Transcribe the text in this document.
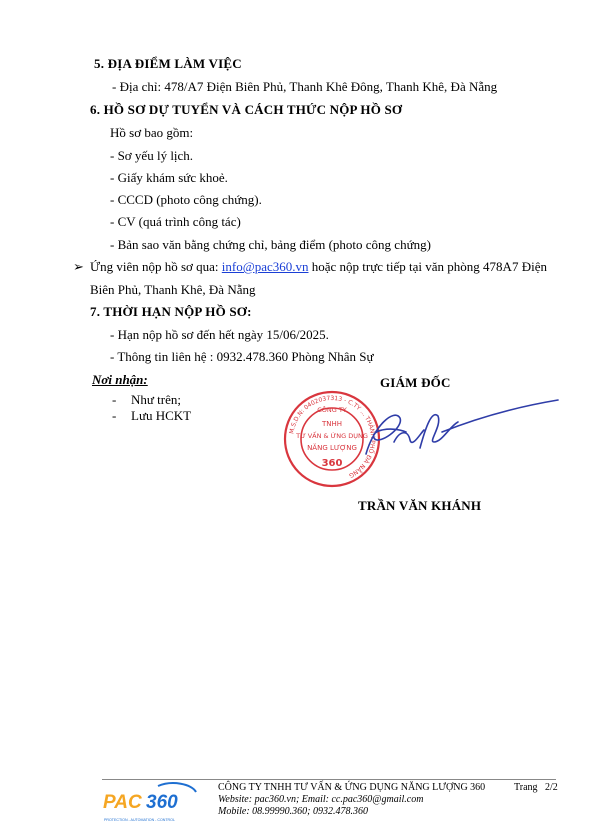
5. ĐỊA ĐIỂM LÀM VIỆC
- Địa chỉ: 478/A7 Điện Biên Phủ, Thanh Khê Đông, Thanh Khê, Đà Nẵng
6. HỒ SƠ DỰ TUYỂN VÀ CÁCH THỨC NỘP HỒ SƠ
Hồ sơ bao gồm:
- Sơ yếu lý lịch.
- Giấy khám sức khoẻ.
- CCCD (photo công chứng).
- CV (quá trình công tác)
- Bản sao văn bằng chứng chỉ, bảng điểm (photo công chứng)
➢ Ứng viên nộp hồ sơ qua: info@pac360.vn hoặc nộp trực tiếp tại văn phòng 478A7 Điện
Biên Phủ, Thanh Khê, Đà Nẵng
7. THỜI HẠN NỘP HỒ SƠ:
- Hạn nộp hồ sơ đến hết ngày 15/06/2025.
- Thông tin liên hệ : 0932.478.360 Phòng Nhân Sự
Nơi nhận:
- Như trên;
- Lưu HCKT
GIÁM ĐỐC
CÔNG TY
TNHH
TƯ VẤN & ỨNG DỤNG
NĂNG LƯỢNG
360
M.S.D.N: 0402037313 - C.TY ... THÀNH PHỐ ĐÀ NẴNG
TRẦN VĂN KHÁNH
PAC 360
PROTECTION - AUTOMATION - CONTROL
CÔNG TY TNHH TƯ VẤN & ỨNG DỤNG NĂNG LƯỢNG 360
Website: pac360.vn; Email: cc.pac360@gmail.com
Mobile: 08.99990.360; 0932.478.360
Trang 2/2
